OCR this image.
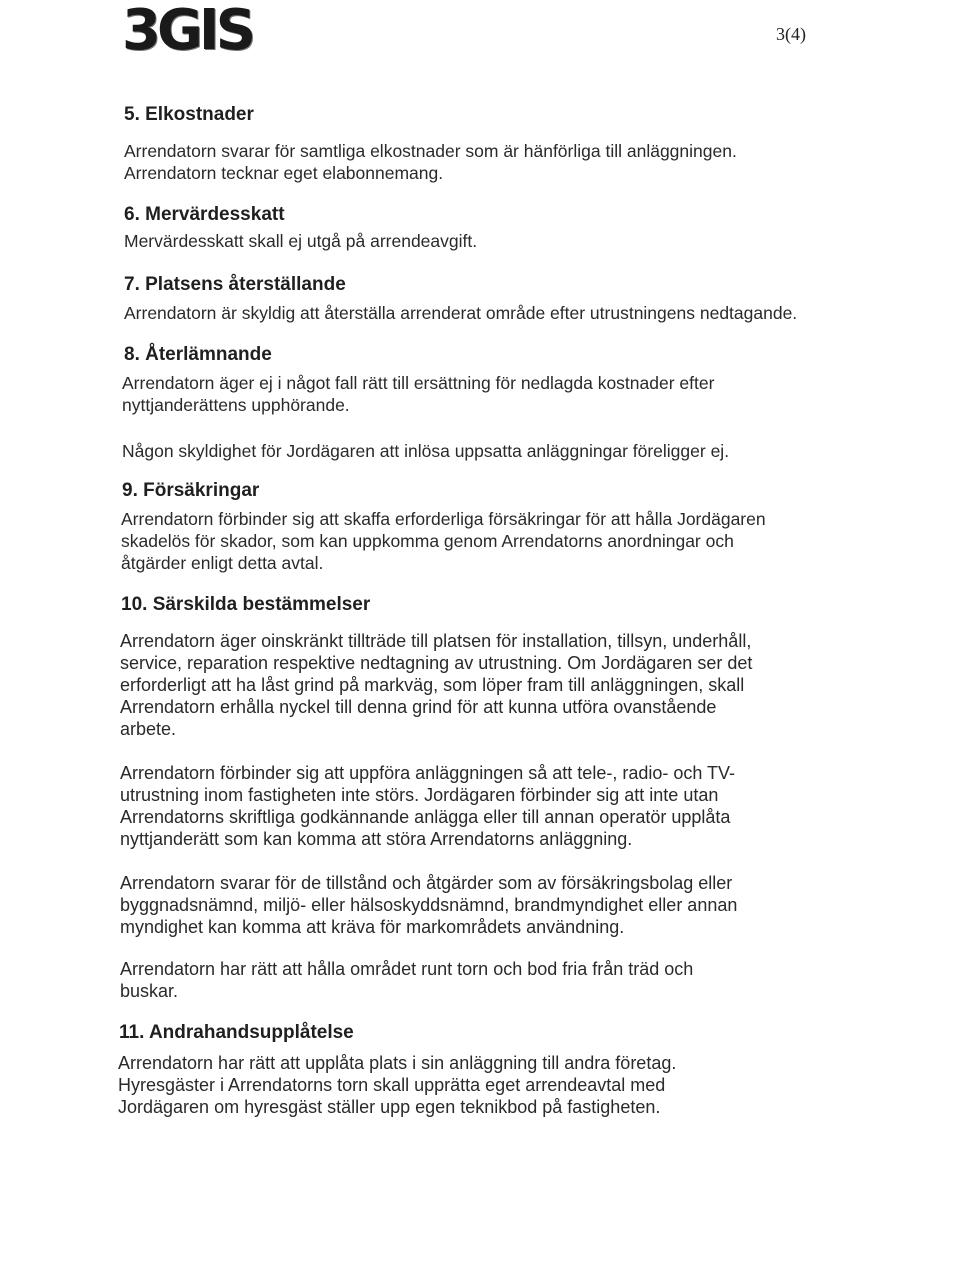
3GIS	3(4)
5. Elkostnader
Arrendatorn svarar för samtliga elkostnader som är hänförliga till anläggningen.
Arrendatorn tecknar eget elabonnemang.
6. Mervärdesskatt
Mervärdesskatt skall ej utgå på arrendeavgift.
7. Platsens återställande
Arrendatorn är skyldig att återställa arrenderat område efter utrustningens nedtagande.
8. Återlämnande
Arrendatorn äger ej i något fall rätt till ersättning för nedlagda kostnader efter
nyttjanderättens upphörande.
Någon skyldighet för Jordägaren att inlösa uppsatta anläggningar föreligger ej.
9. Försäkringar
Arrendatorn förbinder sig att skaffa erforderliga försäkringar för att hålla Jordägaren
skadelös för skador, som kan uppkomma genom Arrendatorns anordningar och
åtgärder enligt detta avtal.
10. Särskilda bestämmelser
Arrendatorn äger oinskränkt tillträde till platsen för installation, tillsyn, underhåll,
service, reparation respektive nedtagning av utrustning. Om Jordägaren ser det
erforderligt att ha låst grind på markväg, som löper fram till anläggningen, skall
Arrendatorn erhålla nyckel till denna grind för att kunna utföra ovanstående
arbete.
Arrendatorn förbinder sig att uppföra anläggningen så att tele-, radio- och TV-
utrustning inom fastigheten inte störs. Jordägaren förbinder sig att inte utan
Arrendatorns skriftliga godkännande anlägga eller till annan operatör upplåta
nyttjanderätt som kan komma att störa Arrendatorns anläggning.
Arrendatorn svarar för de tillstånd och åtgärder som av försäkringsbolag eller
byggnadsnämnd, miljö- eller hälsoskyddsnämnd, brandmyndighet eller annan
myndighet kan komma att kräva för markområdets användning.
Arrendatorn har rätt att hålla området runt torn och bod fria från träd och
buskar.
11. Andrahandsupplåtelse
Arrendatorn har rätt att upplåta plats i sin anläggning till andra företag.
Hyresgäster i Arrendatorns torn skall upprätta eget arrendeavtal med
Jordägaren om hyresgäst ställer upp egen teknikbod på fastigheten.
